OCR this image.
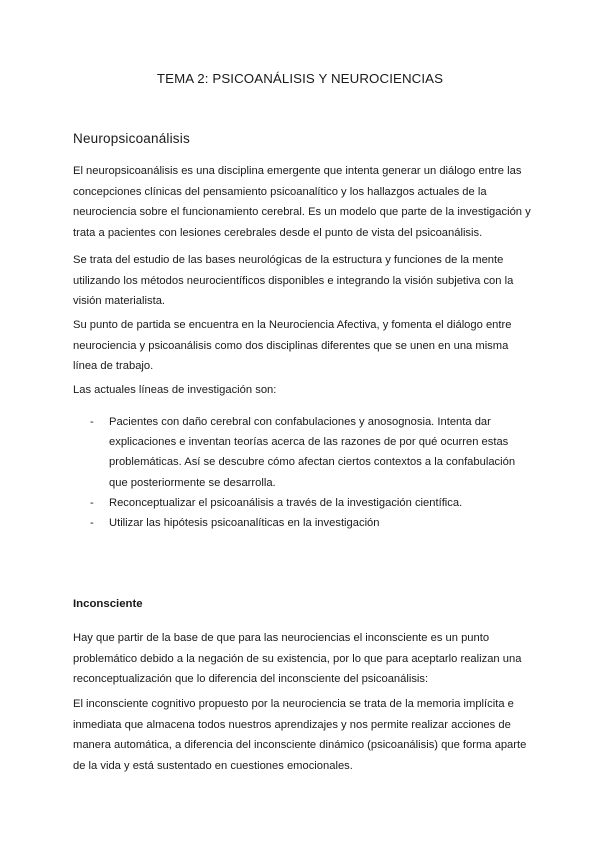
TEMA 2: PSICOANÁLISIS Y NEUROCIENCIAS
Neuropsicoanálisis

El neuropsicoanálisis es una disciplina emergente que intenta generar un diálogo entre las
concepciones clínicas del pensamiento psicoanalítico y los hallazgos actuales de la
neurociencia sobre el funcionamiento cerebral. Es un modelo que parte de la investigación y
trata a pacientes con lesiones cerebrales desde el punto de vista del psicoanálisis.

Se trata del estudio de las bases neurológicas de la estructura y funciones de la mente
utilizando los métodos neurocientíficos disponibles e integrando la visión subjetiva con la
visión materialista.

Su punto de partida se encuentra en la Neurociencia Afectiva, y fomenta el diálogo entre
neurociencia y psicoanálisis como dos disciplinas diferentes que se unen en una misma
línea de trabajo.

Las actuales líneas de investigación son:

- Pacientes con daño cerebral con confabulaciones y anosognosia. Intenta dar
explicaciones e inventan teorías acerca de las razones de por qué ocurren estas
problemáticas. Así se descubre cómo afectan ciertos contextos a la confabulación
que posteriormente se desarrolla.
- Reconceptualizar el psicoanálisis a través de la investigación científica.
- Utilizar las hipótesis psicoanalíticas en la investigación
Inconsciente

Hay que partir de la base de que para las neurociencias el inconsciente es un punto
problemático debido a la negación de su existencia, por lo que para aceptarlo realizan una
reconceptualización que lo diferencia del inconsciente del psicoanálisis:

El inconsciente cognitivo propuesto por la neurociencia se trata de la memoria implícita e
inmediata que almacena todos nuestros aprendizajes y nos permite realizar acciones de
manera automática, a diferencia del inconsciente dinámico (psicoanálisis) que forma aparte
de la vida y está sustentado en cuestiones emocionales.
